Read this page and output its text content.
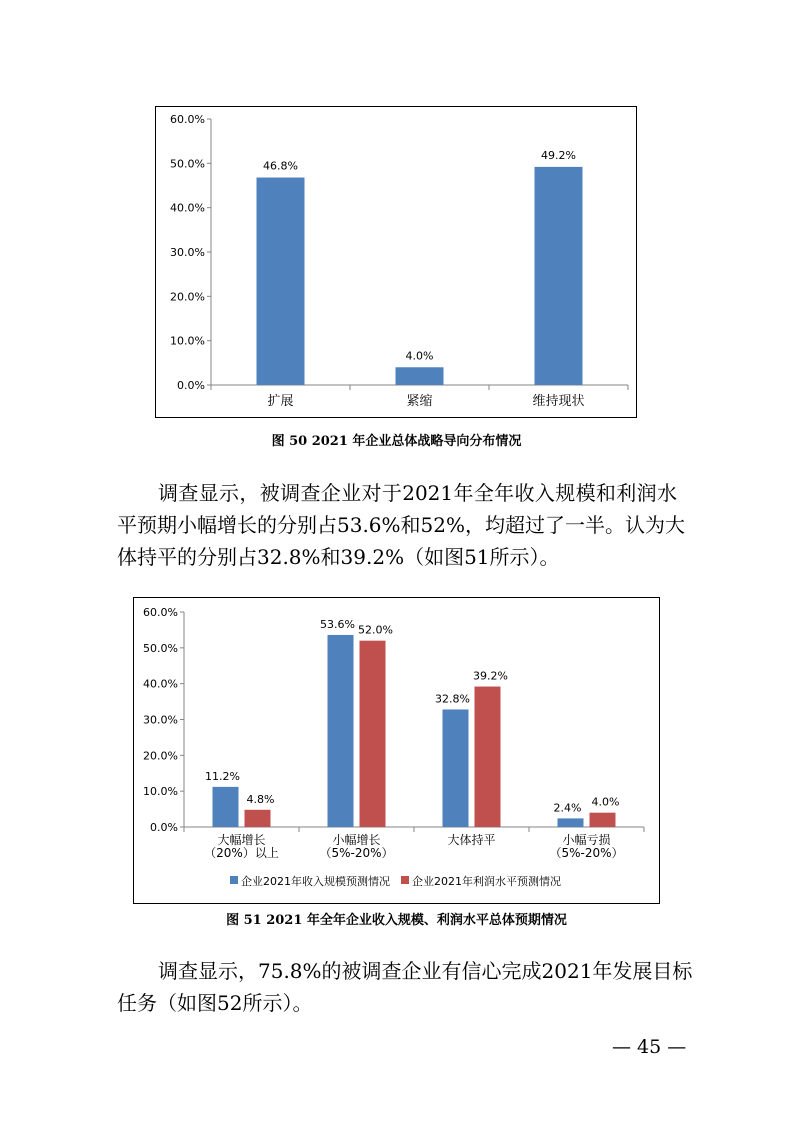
0.0%
10.0%
20.0%
30.0%
40.0%
50.0%
60.0%
46.8%
扩展
4.0%
紧缩
49.2%
维持现状
图 50 2021 年企业总体战略导向分布情况
调查显示，被调查企业对于2021年全年收入规模和利润水
平预期小幅增长的分别占53.6%和52%，均超过了一半。认为大
体持平的分别占32.8%和39.2%（如图51所示）。
0.0%
10.0%
20.0%
30.0%
40.0%
50.0%
60.0%
11.2%
4.8%
大幅增长
（20%）以上
53.6% 52.0%
小幅增长
（5%-20%）
32.8%
39.2%
大体持平
2.4% 4.0%
小幅亏损
（5%-20%）
企业2021年收入规模预测情况 企业2021年利润水平预测情况
图 51 2021 年全年企业收入规模、利润水平总体预期情况
调查显示，75.8%的被调查企业有信心完成2021年发展目标
任务（如图52所示）。
— 45 —
